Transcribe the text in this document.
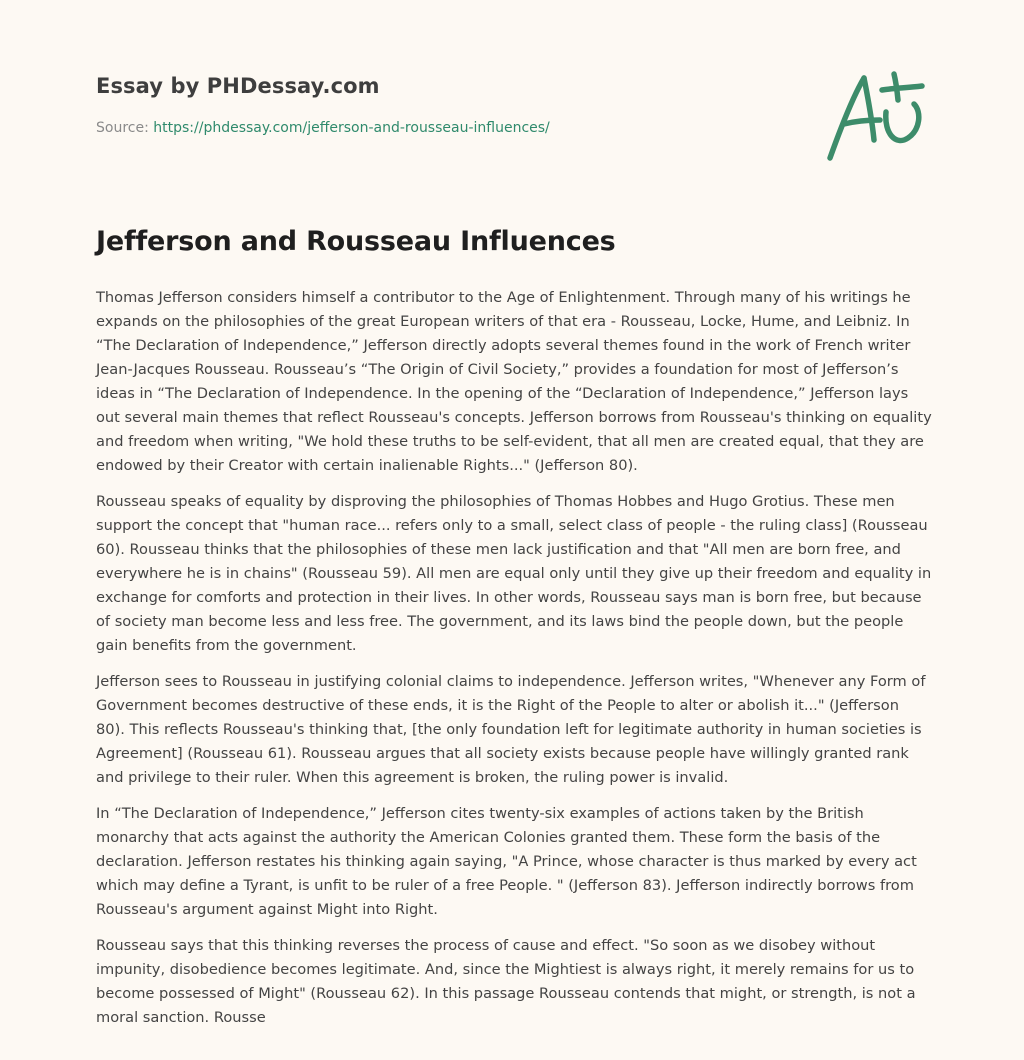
Essay by PHDessay.com
Source: https://phdessay.com/jefferson-and-rousseau-influences/
Jefferson and Rousseau Influences

Thomas Jefferson considers himself a contributor to the Age of Enlightenment. Through many of his writings he expands on the philosophies of the great European writers of that era - Rousseau, Locke, Hume, and Leibniz. In “The Declaration of Independence,” Jefferson directly adopts several themes found in the work of French writer Jean-Jacques Rousseau. Rousseau’s “The Origin of Civil Society,” provides a foundation for most of Jefferson’s ideas in “The Declaration of Independence. In the opening of the “Declaration of Independence,” Jefferson lays out several main themes that reflect Rousseau's concepts. Jefferson borrows from Rousseau's thinking on equality and freedom when writing, "We hold these truths to be self-evident, that all men are created equal, that they are endowed by their Creator with certain inalienable Rights..." (Jefferson 80).

Rousseau speaks of equality by disproving the philosophies of Thomas Hobbes and Hugo Grotius. These men support the concept that "human race... refers only to a small, select class of people - the ruling class] (Rousseau 60). Rousseau thinks that the philosophies of these men lack justification and that "All men are born free, and everywhere he is in chains" (Rousseau 59). All men are equal only until they give up their freedom and equality in exchange for comforts and protection in their lives. In other words, Rousseau says man is born free, but because of society man become less and less free. The government, and its laws bind the people down, but the people gain benefits from the government.

Jefferson sees to Rousseau in justifying colonial claims to independence. Jefferson writes, "Whenever any Form of Government becomes destructive of these ends, it is the Right of the People to alter or abolish it..." (Jefferson 80). This reflects Rousseau's thinking that, [the only foundation left for legitimate authority in human societies is Agreement] (Rousseau 61). Rousseau argues that all society exists because people have willingly granted rank and privilege to their ruler. When this agreement is broken, the ruling power is invalid.

In “The Declaration of Independence,” Jefferson cites twenty-six examples of actions taken by the British monarchy that acts against the authority the American Colonies granted them. These form the basis of the declaration. Jefferson restates his thinking again saying, "A Prince, whose character is thus marked by every act which may define a Tyrant, is unfit to be ruler of a free People. " (Jefferson 83). Jefferson indirectly borrows from Rousseau's argument against Might into Right.

Rousseau says that this thinking reverses the process of cause and effect. "So soon as we disobey without impunity, disobedience becomes legitimate. And, since the Mightiest is always right, it merely remains for us to become possessed of Might" (Rousseau 62). In this passage Rousseau contends that might, or strength, is not a moral sanction. Rousse
